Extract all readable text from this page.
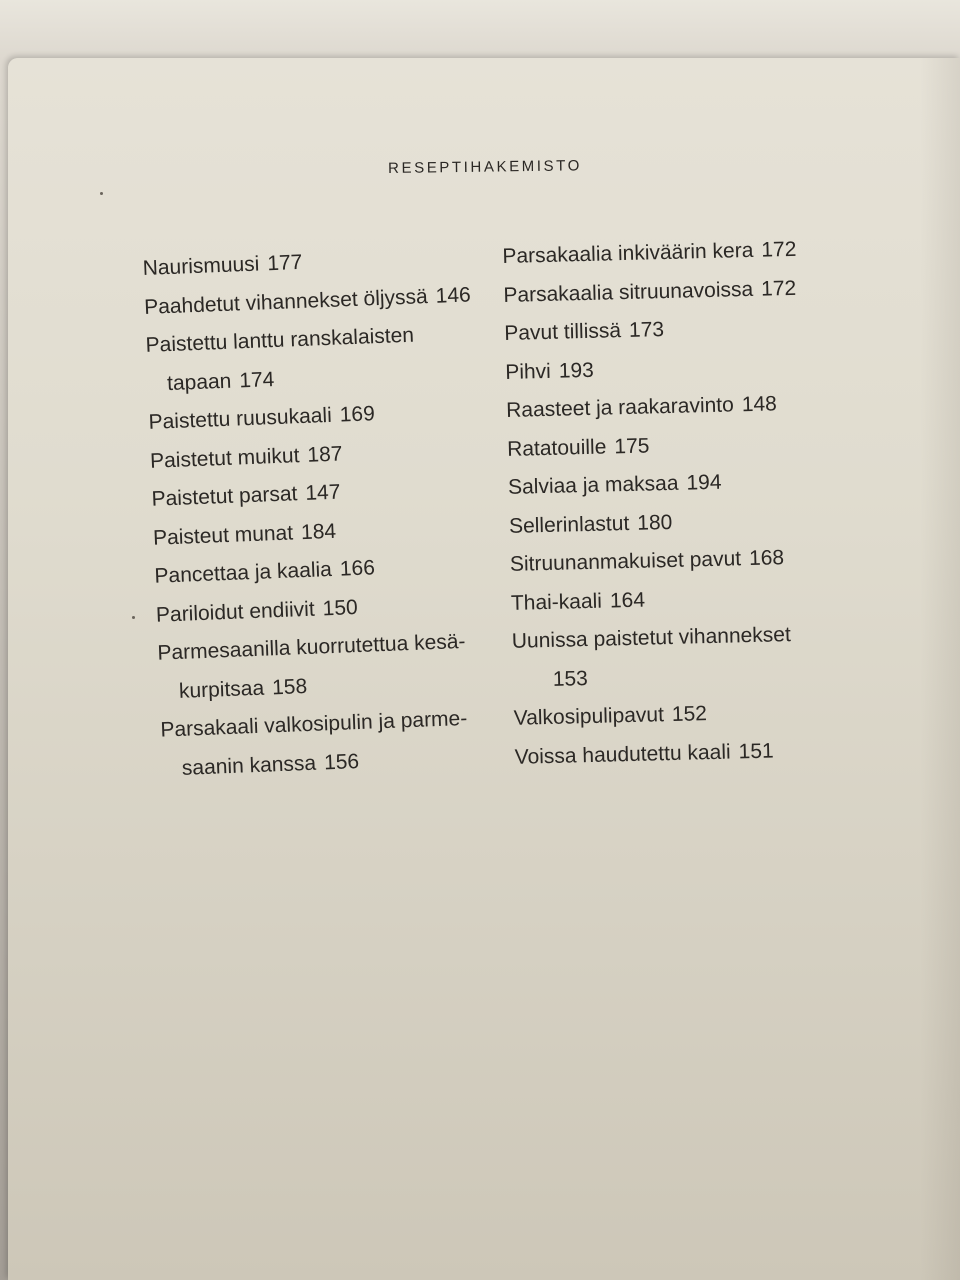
RESEPTIHAKEMISTO
Naurismuusi 177
Paahdetut vihannekset öljyssä 146
Paistettu lanttu ranskalaisten
tapaan 174
Paistettu ruusukaali 169
Paistetut muikut 187
Paistetut parsat 147
Paisteut munat 184
Pancettaa ja kaalia 166
Pariloidut endiivit 150
Parmesaanilla kuorrutettua kesä-
kurpitsaa 158
Parsakaali valkosipulin ja parme-
saanin kanssa 156
Parsakaalia inkiväärin kera 172
Parsakaalia sitruunavoissa 172
Pavut tillissä 173
Pihvi 193
Raasteet ja raakaravinto 148
Ratatouille 175
Salviaa ja maksaa 194
Sellerinlastut 180
Sitruunanmakuiset pavut 168
Thai-kaali 164
Uunissa paistetut vihannekset
153
Valkosipulipavut 152
Voissa haudutettu kaali 151
